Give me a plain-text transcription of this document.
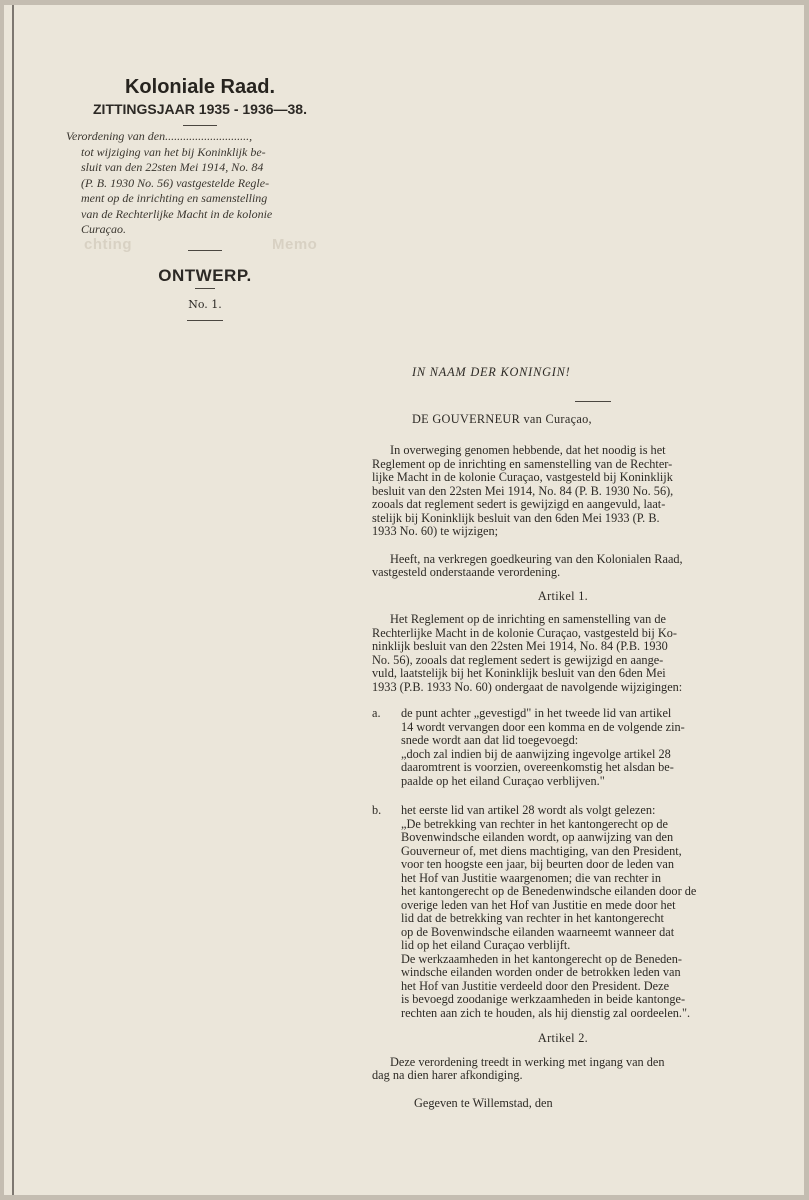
chting	Memo
Koloniale Raad.
ZITTINGSJAAR 1935 - 1936—38.
Verordening van den............................,
tot wijziging van het bij Koninklijk be-
sluit van den 22sten Mei 1914, No. 84
(P. B. 1930 No. 56) vastgestelde Regle-
ment op de inrichting en samenstelling
van de Rechterlijke Macht in de kolonie
Curaçao.
ONTWERP.
No. 1.
IN NAAM DER KONINGIN!
DE GOUVERNEUR van Curaçao,
In overweging genomen hebbende, dat het noodig is het
Reglement op de inrichting en samenstelling van de Rechter-
lijke Macht in de kolonie Curaçao, vastgesteld bij Koninklijk
besluit van den 22sten Mei 1914, No. 84 (P. B. 1930 No. 56),
zooals dat reglement sedert is gewijzigd en aangevuld, laat-
stelijk bij Koninklijk besluit van den 6den Mei 1933 (P. B.
1933 No. 60) te wijzigen;
Heeft, na verkregen goedkeuring van den Kolonialen Raad,
vastgesteld onderstaande verordening.
Artikel 1.
Het Reglement op de inrichting en samenstelling van de
Rechterlijke Macht in de kolonie Curaçao, vastgesteld bij Ko-
ninklijk besluit van den 22sten Mei 1914, No. 84 (P.B. 1930
No. 56), zooals dat reglement sedert is gewijzigd en aange-
vuld, laatstelijk bij het Koninklijk besluit van den 6den Mei
1933 (P.B. 1933 No. 60) ondergaat de navolgende wijzigingen:
a.	de punt achter „gevestigd" in het tweede lid van artikel
14 wordt vervangen door een komma en de volgende zin-
snede wordt aan dat lid toegevoegd:
„doch zal indien bij de aanwijzing ingevolge artikel 28
daaromtrent is voorzien, overeenkomstig het alsdan be-
paalde op het eiland Curaçao verblijven."
b.	het eerste lid van artikel 28 wordt als volgt gelezen:
„De betrekking van rechter in het kantongerecht op de
Bovenwindsche eilanden wordt, op aanwijzing van den
Gouverneur of, met diens machtiging, van den President,
voor ten hoogste een jaar, bij beurten door de leden van
het Hof van Justitie waargenomen; die van rechter in
het kantongerecht op de Benedenwindsche eilanden door de
overige leden van het Hof van Justitie en mede door het
lid dat de betrekking van rechter in het kantongerecht
op de Bovenwindsche eilanden waarneemt wanneer dat
lid op het eiland Curaçao verblijft.
De werkzaamheden in het kantongerecht op de Beneden-
windsche eilanden worden onder de betrokken leden van
het Hof van Justitie verdeeld door den President. Deze
is bevoegd zoodanige werkzaamheden in beide kantonge-
rechten aan zich te houden, als hij dienstig zal oordeelen.".
Artikel 2.
Deze verordening treedt in werking met ingang van den
dag na dien harer afkondiging.
Gegeven te Willemstad, den
